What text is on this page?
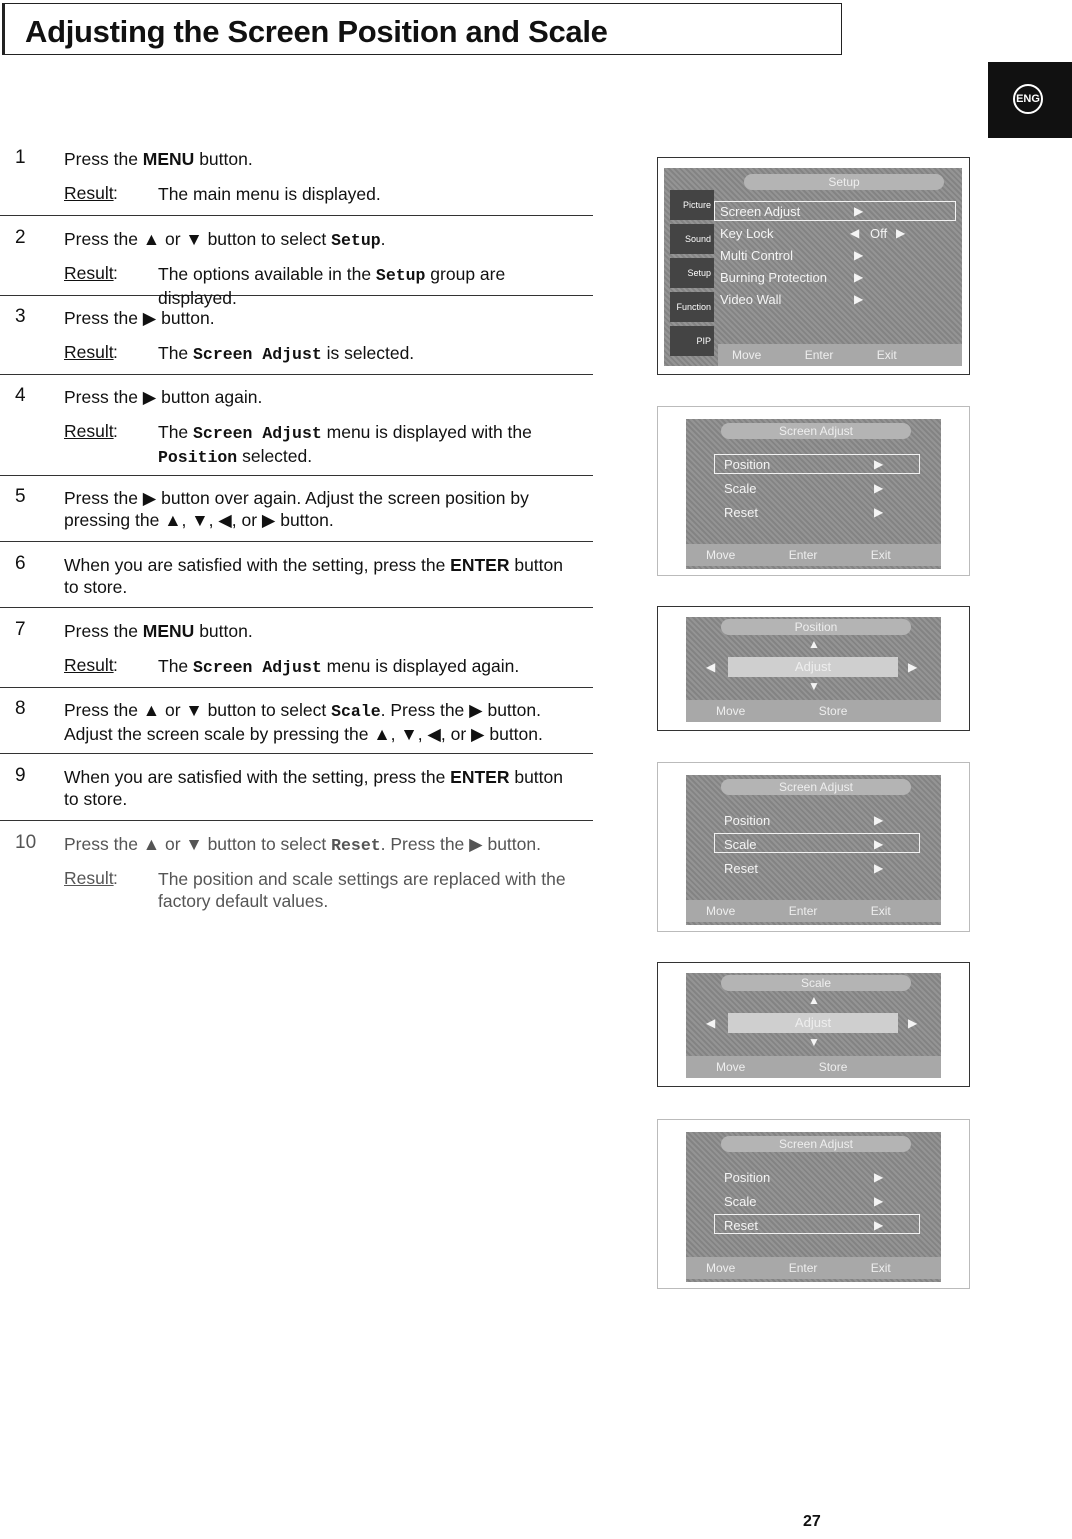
Adjusting the Screen Position and Scale
ENG
1 Press the MENU button.
Result : The main menu is displayed.
2 Press the ▲ or ▼ button to select Setup.
Result : The options available in the Setup group are displayed.
3 Press the ▶ button.
Result : The Screen Adjust is selected.
4 Press the ▶ button again.
Result : The Screen Adjust menu is displayed with the
Position selected.
5 Press the ▶ button over again. Adjust the screen position by
pressing the ▲, ▼, ◀, or ▶ button.
6 When you are satisfied with the setting, press the ENTER button
to store.
7 Press the MENU button.
Result : The Screen Adjust menu is displayed again.
8 Press the ▲ or ▼ button to select Scale. Press the ▶ button.
Adjust the screen scale by pressing the ▲, ▼, ◀, or ▶ button.
9 When you are satisfied with the setting, press the ENTER button
to store.
10 Press the ▲ or ▼ button to select Reset. Press the ▶ button.
Result : The position and scale settings are replaced with the
factory default values.
Setup
Picture
Sound
Setup
Function
PIP
Screen Adjust
Key Lock
Multi Control
Burning Protection
Video Wall
▶
◀ Off ▶
▶
▶
▶
Move	Enter	Exit
Screen Adjust
Position
Scale
Reset
▶
▶
▶
Move	Enter	Exit
Position
▲
◀	Adjust	▶
▼
Move	Store
Screen Adjust
Position
Scale
Reset
▶
▶
▶
Move	Enter	Exit
Scale
▲
◀	Adjust	▶
▼
Move	Store
Screen Adjust
Position
Scale
Reset
▶
▶
▶
Move	Enter	Exit
27
